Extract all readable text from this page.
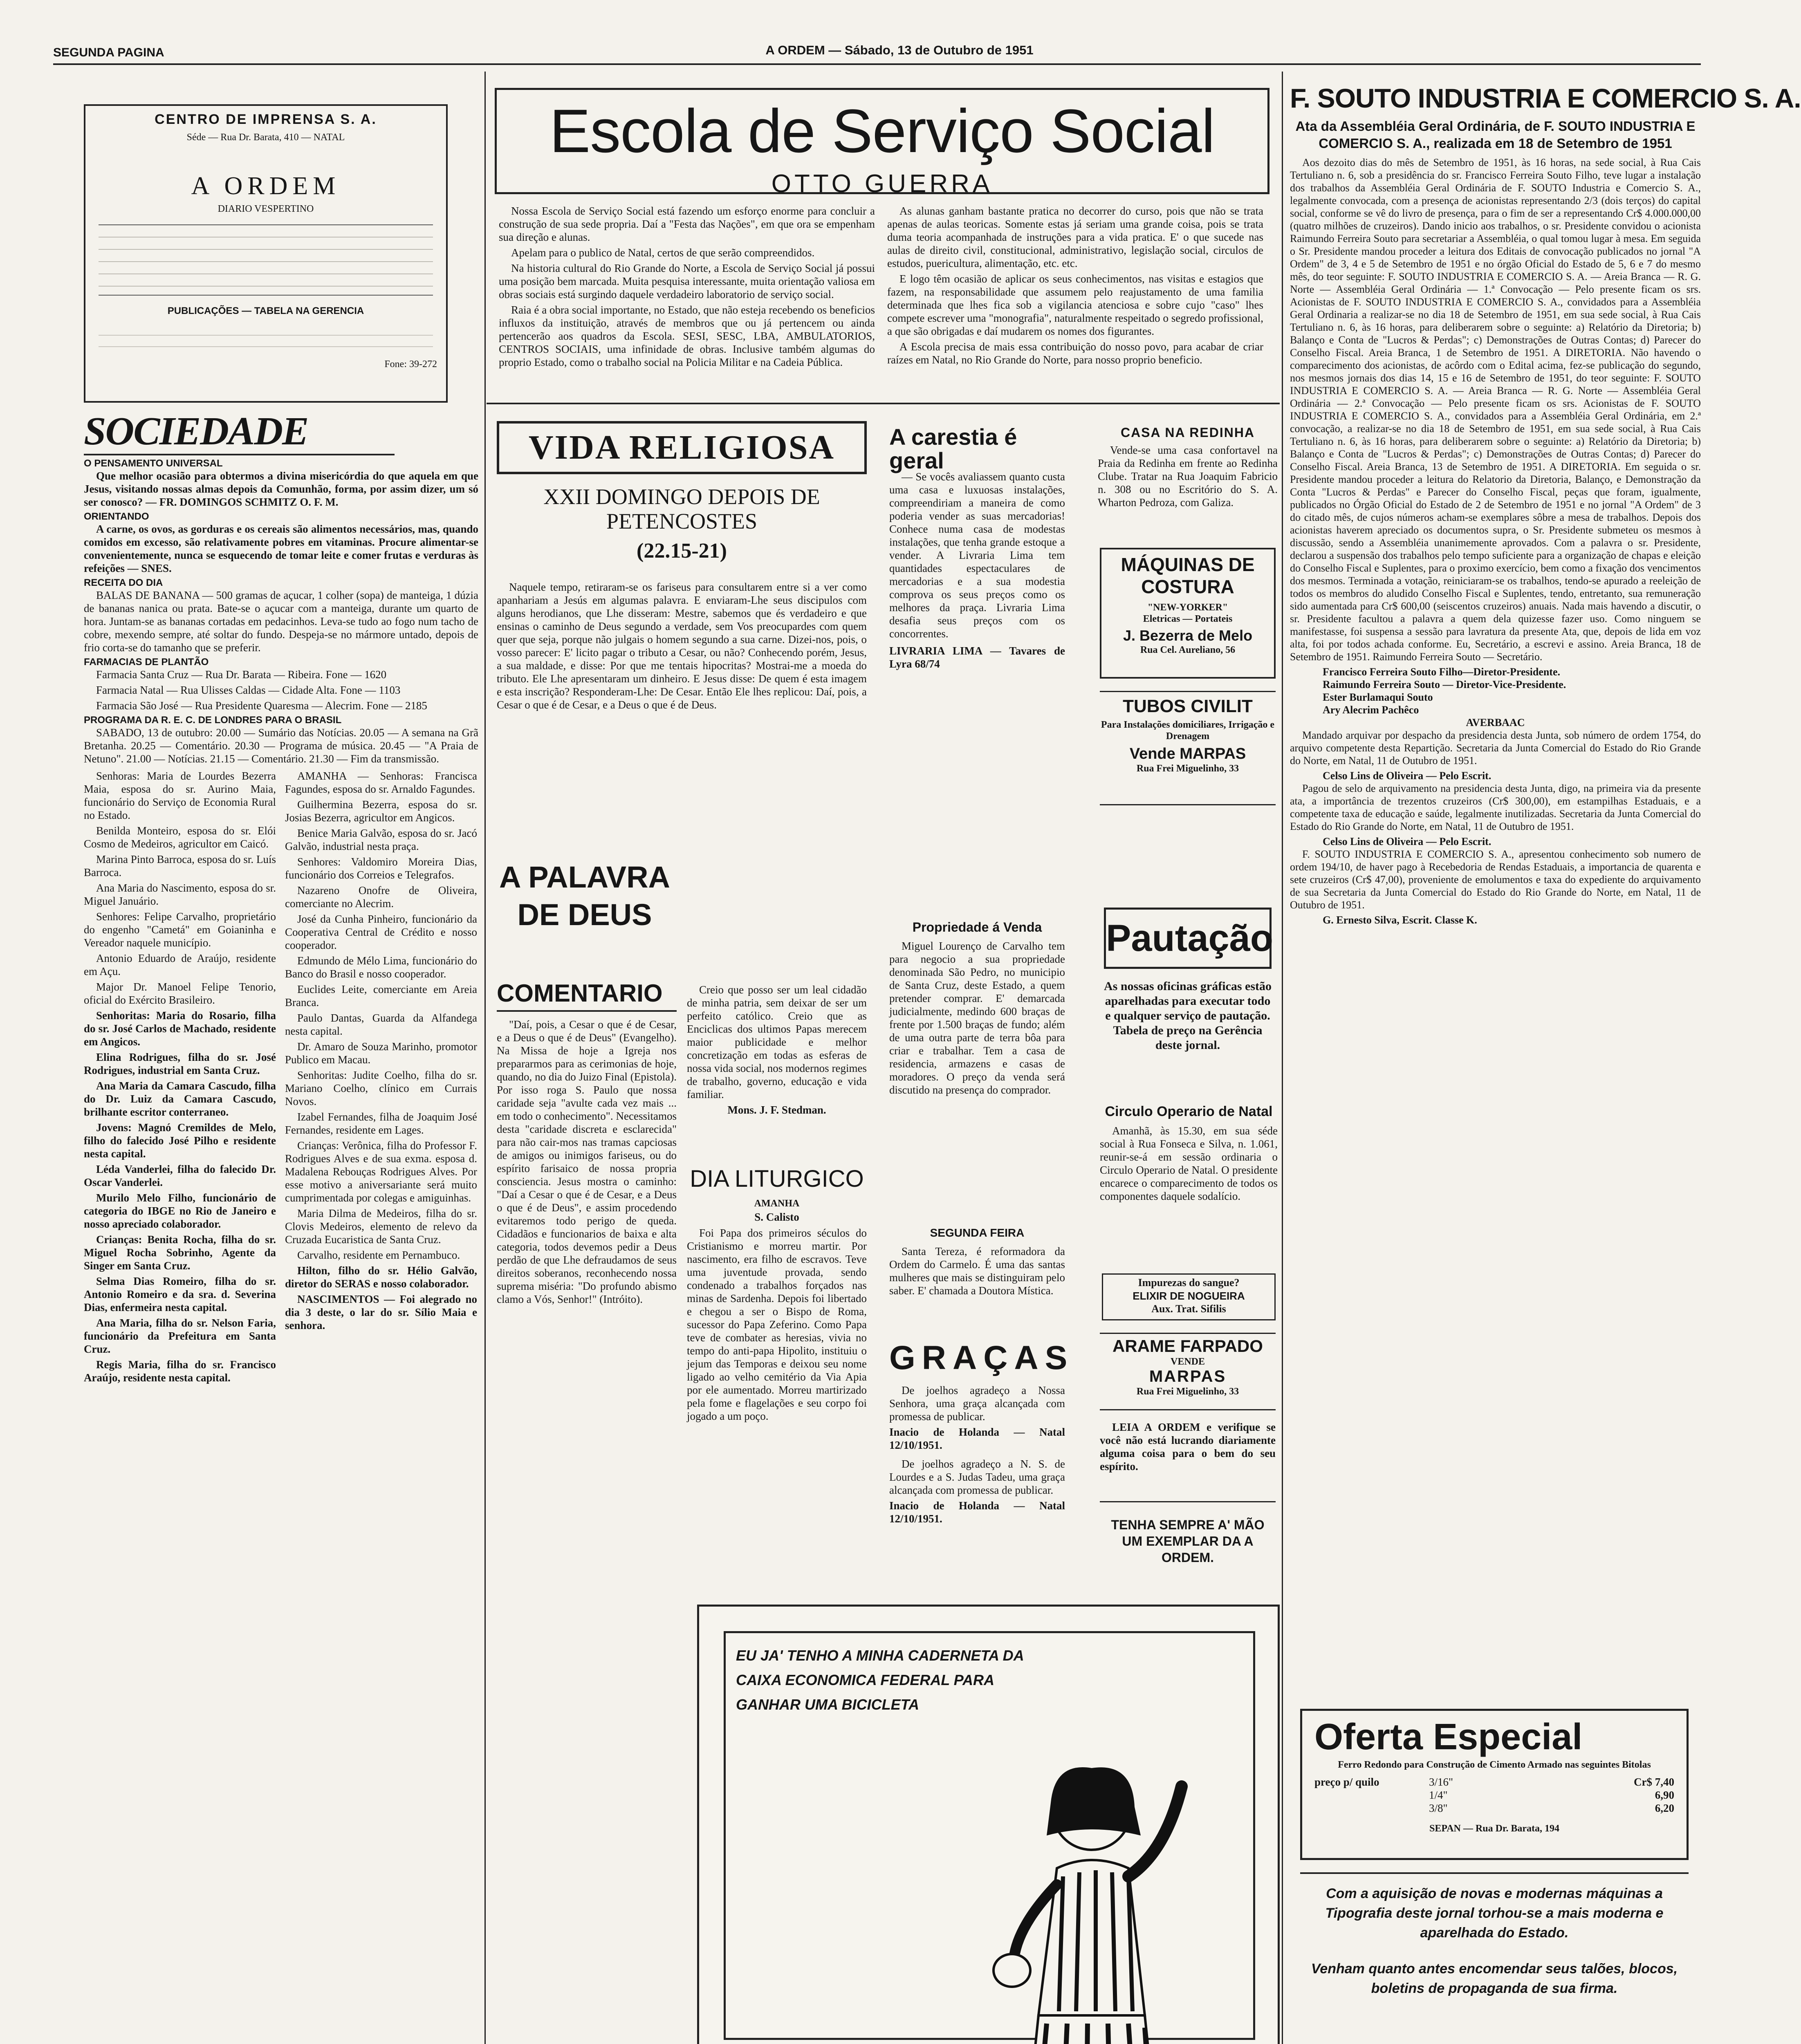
SEGUNDA PAGINA	A ORDEM — Sábado, 13 de Outubro de 1951
CENTRO DE IMPRENSA S. A.
Séde — Rua Dr. Barata, 410 — NATAL
A ORDEM
DIARIO VESPERTINO
PUBLICAÇÕES — TABELA NA GERENCIA
Fone: 39-272
SOCIEDADE
O PENSAMENTO UNIVERSAL

Que melhor ocasião para obtermos a divina misericórdia do que aquela em que Jesus, visitando nossas almas depois da Comunhão, forma, por assim dizer, um só ser conosco? — FR. DOMINGOS SCHMITZ O. F. M.

ORIENTANDO

A carne, os ovos, as gorduras e os cereais são alimentos necessários, mas, quando comidos em excesso, são relativamente pobres em vitaminas. Procure alimentar-se convenientemente, nunca se esquecendo de tomar leite e comer frutas e verduras às refeições — SNES.

RECEITA DO DIA

BALAS DE BANANA — 500 gramas de açucar, 1 colher (sopa) de manteiga, 1 dúzia de bananas nanica ou prata. Bate-se o açucar com a manteiga, durante um quarto de hora. Juntam-se as bananas cortadas em pedacinhos. Leva-se tudo ao fogo num tacho de cobre, mexendo sempre, até soltar do fundo. Despeja-se no mármore untado, depois de frio corta-se do tamanho que se preferir.

FARMACIAS DE PLANTÃO

Farmacia Santa Cruz — Rua Dr. Barata — Ribeira. Fone — 1620

Farmacia Natal — Rua Ulisses Caldas — Cidade Alta. Fone — 1103

Farmacia São José — Rua Presidente Quaresma — Alecrim. Fone — 2185

PROGRAMA DA R. E. C. DE LONDRES PARA O BRASIL

SABADO, 13 de outubro: 20.00 — Sumário das Notícias. 20.05 — A semana na Grã Bretanha. 20.25 — Comentário. 20.30 — Programa de música. 20.45 — "A Praia de Netuno". 21.00 — Notícias. 21.15 — Comentário. 21.30 — Fim da transmissão.

Senhoras: Maria de Lourdes Bezerra Maia, esposa do sr. Aurino Maia, funcionário do Serviço de Economia Rural no Estado.

Benilda Monteiro, esposa do sr. Elói Cosmo de Medeiros, agricultor em Caicó.

Marina Pinto Barroca, esposa do sr. Luís Barroca.

Ana Maria do Nascimento, esposa do sr. Miguel Januário.

Senhores: Felipe Carvalho, proprietário do engenho "Cametá" em Goianinha e Vereador naquele município.

Antonio Eduardo de Araújo, residente em Açu.

Major Dr. Manoel Felipe Tenorio, oficial do Exército Brasileiro.

Senhoritas: Maria do Rosario, filha do sr. José Carlos de Machado, residente em Angicos.

Elina Rodrigues, filha do sr. José Rodrigues, industrial em Santa Cruz.

Ana Maria da Camara Cascudo, filha do Dr. Luiz da Camara Cascudo, brilhante escritor conterraneo.

Jovens: Magnó Cremildes de Melo, filho do falecido José Pilho e residente nesta capital.

Léda Vanderlei, filha do falecido Dr. Oscar Vanderlei.

Murilo Melo Filho, funcionário de categoria do IBGE no Rio de Janeiro e nosso apreciado colaborador.

Crianças: Benita Rocha, filha do sr. Miguel Rocha Sobrinho, Agente da Singer em Santa Cruz.

Selma Dias Romeiro, filha do sr. Antonio Romeiro e da sra. d. Severina Dias, enfermeira nesta capital.

Ana Maria, filha do sr. Nelson Faria, funcionário da Prefeitura em Santa Cruz.

Regis Maria, filha do sr. Francisco Araújo, residente nesta capital.

AMANHA — Senhoras: Francisca Fagundes, esposa do sr. Arnaldo Fagundes.

Guilhermina Bezerra, esposa do sr. Josias Bezerra, agricultor em Angicos.

Benice Maria Galvão, esposa do sr. Jacó Galvão, industrial nesta praça.

Senhores: Valdomiro Moreira Dias, funcionário dos Correios e Telegrafos.

Nazareno Onofre de Oliveira, comerciante no Alecrim.

José da Cunha Pinheiro, funcionário da Cooperativa Central de Crédito e nosso cooperador.

Edmundo de Mélo Lima, funcionário do Banco do Brasil e nosso cooperador.

Euclides Leite, comerciante em Areia Branca.

Paulo Dantas, Guarda da Alfandega nesta capital.

Dr. Amaro de Souza Marinho, promotor Publico em Macau.

Senhoritas: Judite Coelho, filha do sr. Mariano Coelho, clínico em Currais Novos.

Izabel Fernandes, filha de Joaquim José Fernandes, residente em Lages.

Crianças: Verônica, filha do Professor F. Rodrigues Alves e de sua exma. esposa d. Madalena Rebouças Rodrigues Alves. Por esse motivo a aniversariante será muito cumprimentada por colegas e amiguinhas.

Maria Dilma de Medeiros, filha do sr. Clovis Medeiros, elemento de relevo da Cruzada Eucaristica de Santa Cruz.

Carvalho, residente em Pernambuco.

Hilton, filho do sr. Hélio Galvão, diretor do SERAS e nosso colaborador.

NASCIMENTOS — Foi alegrado no dia 3 deste, o lar do sr. Sílio Maia e senhora.

Escola de Serviço Social
OTTO GUERRA

Nossa Escola de Serviço Social está fazendo um esforço enorme para concluir a construção de sua sede propria. Daí a "Festa das Nações", em que ora se empenham sua direção e alunas.

Apelam para o publico de Natal, certos de que serão compreendidos.

Na historia cultural do Rio Grande do Norte, a Escola de Serviço Social já possui uma posição bem marcada. Muita pesquisa interessante, muita orientação valiosa em obras sociais está surgindo daquele verdadeiro laboratorio de serviço social.

Raia é a obra social importante, no Estado, que não esteja recebendo os beneficios influxos da instituição, através de membros que ou já pertencem ou ainda pertencerão aos quadros da Escola. SESI, SESC, LBA, AMBULATORIOS, CENTROS SOCIAIS, uma infinidade de obras. Inclusive também algumas do proprio Estado, como o trabalho social na Policia Militar e na Cadeia Pública.

As alunas ganham bastante pratica no decorrer do curso, pois que não se trata apenas de aulas teoricas. Somente estas já seriam uma grande coisa, pois se trata duma teoria acompanhada de instruções para a vida pratica. E' o que sucede nas aulas de direito civil, constitucional, administrativo, legislação social, circulos de estudos, puericultura, alimentação, etc. etc.

E logo têm ocasião de aplicar os seus conhecimentos, nas visitas e estagios que fazem, na responsabilidade que assumem pelo reajustamento de uma familia determinada que lhes fica sob a vigilancia atenciosa e sobre cujo "caso" lhes compete escrever uma "monografia", naturalmente respeitado o segredo profissional, a que são obrigadas e daí mudarem os nomes dos figurantes.

A Escola precisa de mais essa contribuição do nosso povo, para acabar de criar raízes em Natal, no Rio Grande do Norte, para nosso proprio beneficio.

VIDA RELIGIOSA
XXII DOMINGO DEPOIS DE PETENCOSTES
(22.15-21)

Naquele tempo, retiraram-se os fariseus para consultarem entre si a ver como apanhariam a Jesús em algumas palavra. E enviaram-Lhe seus discipulos com alguns herodianos, que Lhe disseram: Mestre, sabemos que és verdadeiro e que ensinas o caminho de Deus segundo a verdade, sem Vos preocupardes com quem quer que seja, porque não julgais o homem segundo a sua carne. Dizei-nos, pois, o vosso parecer: E' licito pagar o tributo a Cesar, ou não? Conhecendo porém, Jesus, a sua maldade, e disse: Por que me tentais hipocritas? Mostrai-me a moeda do tributo. Ele Lhe apresentaram um dinheiro. E Jesus disse: De quem é esta imagem e esta inscrição? Responderam-Lhe: De Cesar. Então Ele lhes replicou: Daí, pois, a Cesar o que é de Cesar, e a Deus o que é de Deus.

A PALAVRA DE DEUS
COMENTARIO

"Daí, pois, a Cesar o que é de Cesar, e a Deus o que é de Deus" (Evangelho). Na Missa de hoje a Igreja nos prepararmos para as cerimonias de hoje, quando, no dia do Juizo Final (Epistola). Por isso roga S. Paulo que nossa caridade seja "avulte cada vez mais ... em todo o conhecimento". Necessitamos desta "caridade discreta e esclarecida" para não cair-mos nas tramas capciosas de amigos ou inimigos fariseus, ou do espírito farisaico de nossa propria consciencia. Jesus mostra o caminho: "Daí a Cesar o que é de Cesar, e a Deus o que é de Deus", e assim procedendo evitaremos todo perigo de queda. Cidadãos e funcionarios de baixa e alta categoria, todos devemos pedir a Deus perdão de que Lhe defraudamos de seus direitos soberanos, reconhecendo nossa suprema miséria: "Do profundo abismo clamo a Vós, Senhor!" (Intróito).

Creio que posso ser um leal cidadão de minha patria, sem deixar de ser um perfeito católico. Creio que as Enciclicas dos ultimos Papas merecem maior publicidade e melhor concretização em todas as esferas de nossa vida social, nos modernos regimes de trabalho, governo, educação e vida familiar.

Mons. J. F. Stedman.
DIA LITURGICO
AMANHA
S. Calisto

Foi Papa dos primeiros séculos do Cristianismo e morreu martir. Por nascimento, era filho de escravos. Teve uma juventude provada, sendo condenado a trabalhos forçados nas minas de Sardenha. Depois foi libertado e chegou a ser o Bispo de Roma, sucessor do Papa Zeferino. Como Papa teve de combater as heresias, vivia no tempo do anti-papa Hipolito, instituiu o jejum das Temporas e deixou seu nome ligado ao velho cemitério da Via Apia por ele aumentado. Morreu martirizado pela fome e flagelações e seu corpo foi jogado a um poço.

A carestia é geral

— Se vocês avaliassem quanto custa uma casa e luxuosas instalações, compreendiriam a maneira de como poderia vender as suas mercadorias! Conhece numa casa de modestas instalações, que tenha grande estoque a vender. A Livraria Lima tem quantidades espectaculares de mercadorias e a sua modestia comprova os seus preços como os melhores da praça. Livraria Lima desafia seus preços com os concorrentes.

LIVRARIA LIMA — Tavares de Lyra 68/74
Propriedade á Venda

Miguel Lourenço de Carvalho tem para negocio a sua propriedade denominada São Pedro, no municipio de Santa Cruz, deste Estado, a quem pretender comprar. E' demarcada judicialmente, medindo 600 braças de frente por 1.500 braças de fundo; além de uma outra parte de terra bôa para criar e trabalhar. Tem a casa de residencia, armazens e casas de moradores. O preço da venda será discutido na presença do comprador.

SEGUNDA FEIRA

Santa Tereza, é reformadora da Ordem do Carmelo. É uma das santas mulheres que mais se distinguiram pelo saber. E' chamada a Doutora Mística.

GRAÇAS

De joelhos agradeço a Nossa Senhora, uma graça alcançada com promessa de publicar.

Inacio de Holanda — Natal 12/10/1951.

De joelhos agradeço a N. S. de Lourdes e a S. Judas Tadeu, uma graça alcançada com promessa de publicar.

Inacio de Holanda — Natal 12/10/1951.
CASA NA REDINHA

Vende-se uma casa confortavel na Praia da Redinha em frente ao Redinha Clube. Tratar na Rua Joaquim Fabricio n. 308 ou no Escritório do S. A. Wharton Pedroza, com Galiza.

MÁQUINAS DE COSTURA
"NEW-YORKER"
Eletricas — Portateis
J. Bezerra de Melo
Rua Cel. Aureliano, 56
TUBOS CIVILIT
Para Instalações domiciliares, Irrigação e Drenagem
Vende MARPAS
Rua Frei Miguelinho, 33
Pautação
As nossas oficinas gráficas estão aparelhadas para executar todo e qualquer serviço de pautação. Tabela de preço na Gerência deste jornal.
Circulo Operario de Natal

Amanhã, às 15.30, em sua séde social à Rua Fonseca e Silva, n. 1.061, reunir-se-á em sessão ordinaria o Circulo Operario de Natal. O presidente encarece o comparecimento de todos os componentes daquele sodalício.

Impurezas do sangue?
ELIXIR DE NOGUEIRA
Aux. Trat. Sifilis
ARAME FARPADO
VENDE
MARPAS
Rua Frei Miguelinho, 33

LEIA A ORDEM e verifique se você não está lucrando diariamente alguma coisa para o bem do seu espírito.

TENHA SEMPRE A' MÃO UM EXEMPLAR DA A ORDEM.
EU JA' TENHO A MINHA CADERNETA DA CAIXA ECONOMICA FEDERAL PARA GANHAR UMA BICICLETA
F. SOUTO INDUSTRIA E COMERCIO S. A.
Ata da Assembléia Geral Ordinária, de F. SOUTO INDUSTRIA E COMERCIO S. A., realizada em 18 de Setembro de 1951

Aos dezoito dias do mês de Setembro de 1951, às 16 horas, na sede social, à Rua Cais Tertuliano n. 6, sob a presidência do sr. Francisco Ferreira Souto Filho, teve lugar a instalação dos trabalhos da Assembléia Geral Ordinária de F. SOUTO Industria e Comercio S. A., legalmente convocada, com a presença de acionistas representando 2/3 (dois terços) do capital social, conforme se vê do livro de presença, para o fim de ser a representando Cr$ 4.000.000,00 (quatro milhões de cruzeiros). Dando inicio aos trabalhos, o sr. Presidente convidou o acionista Raimundo Ferreira Souto para secretariar a Assembléia, o qual tomou lugar à mesa. Em seguida o Sr. Presidente mandou proceder a leitura dos Editais de convocação publicados no jornal "A Ordem" de 3, 4 e 5 de Setembro de 1951 e no órgão Oficial do Estado de 5, 6 e 7 do mesmo mês, do teor seguinte: F. SOUTO INDUSTRIA E COMERCIO S. A. — Areia Branca — R. G. Norte — Assembléia Geral Ordinária — 1.ª Convocação — Pelo presente ficam os srs. Acionistas de F. SOUTO INDUSTRIA E COMERCIO S. A., convidados para a Assembléia Geral Ordinaria a realizar-se no dia 18 de Setembro de 1951, em sua sede social, à Rua Cais Tertuliano n. 6, às 16 horas, para deliberarem sobre o seguinte: a) Relatório da Diretoria; b) Balanço e Conta de "Lucros & Perdas"; c) Demonstrações de Outras Contas; d) Parecer do Conselho Fiscal. Areia Branca, 1 de Setembro de 1951. A DIRETORIA. Não havendo o comparecimento dos acionistas, de acôrdo com o Edital acima, fez-se publicação do segundo, nos mesmos jornais dos dias 14, 15 e 16 de Setembro de 1951, do teor seguinte: F. SOUTO INDUSTRIA E COMERCIO S. A. — Areia Branca — R. G. Norte — Assembléia Geral Ordinária — 2.ª Convocação — Pelo presente ficam os srs. Acionistas de F. SOUTO INDUSTRIA E COMERCIO S. A., convidados para a Assembléia Geral Ordinária, em 2.ª convocação, a realizar-se no dia 18 de Setembro de 1951, em sua sede social, à Rua Cais Tertuliano n. 6, às 16 horas, para deliberarem sobre o seguinte: a) Relatório da Diretoria; b) Balanço e Conta de "Lucros & Perdas"; c) Demonstrações de Outras Contas; d) Parecer do Conselho Fiscal. Areia Branca, 13 de Setembro de 1951. A DIRETORIA. Em seguida o sr. Presidente mandou proceder a leitura do Relatorio da Diretoria, Balanço, e Demonstração da Conta "Lucros & Perdas" e Parecer do Conselho Fiscal, peças que foram, igualmente, publicados no Órgão Oficial do Estado de 2 de Setembro de 1951 e no jornal "A Ordem" de 3 do citado mês, de cujos números acham-se exemplares sôbre a mesa de trabalhos. Depois dos acionistas haverem apreciado os documentos supra, o Sr. Presidente submeteu os mesmos à discussão, sendo a Assembléia unanimemente aprovados. Com a palavra o sr. Presidente, declarou a suspensão dos trabalhos pelo tempo suficiente para a organização de chapas e eleição do Conselho Fiscal e Suplentes, para o proximo exercício, bem como a fixação dos vencimentos dos mesmos. Terminada a votação, reiniciaram-se os trabalhos, tendo-se apurado a reeleição de todos os membros do aludido Conselho Fiscal e Suplentes, tendo, entretanto, sua remuneração sido aumentada para Cr$ 600,00 (seiscentos cruzeiros) anuais. Nada mais havendo a discutir, o sr. Presidente facultou a palavra a quem dela quizesse fazer uso. Como ninguem se manifestasse, foi suspensa a sessão para lavratura da presente Ata, que, depois de lida em voz alta, foi por todos achada conforme. Eu, Secretário, a escrevi e assino. Areia Branca, 18 de Setembro de 1951. Raimundo Ferreira Souto — Secretário.

Francisco Ferreira Souto Filho—Diretor-Presidente.
Raimundo Ferreira Souto — Diretor-Vice-Presidente.
Ester Burlamaqui Souto
Ary Alecrim Pachêco
AVERBAAC

Mandado arquivar por despacho da presidencia desta Junta, sob número de ordem 1754, do arquivo competente desta Repartição. Secretaria da Junta Comercial do Estado do Rio Grande do Norte, em Natal, 11 de Outubro de 1951.

Celso Lins de Oliveira — Pelo Escrit.

Pagou de selo de arquivamento na presidencia desta Junta, digo, na primeira via da presente ata, a importância de trezentos cruzeiros (Cr$ 300,00), em estampilhas Estaduais, e a competente taxa de educação e saúde, legalmente inutilizadas. Secretaria da Junta Comercial do Estado do Rio Grande do Norte, em Natal, 11 de Outubro de 1951.

Celso Lins de Oliveira — Pelo Escrit.

F. SOUTO INDUSTRIA E COMERCIO S. A., apresentou conhecimento sob numero de ordem 194/10, de haver pago à Recebedoria de Rendas Estaduais, a importancia de quarenta e sete cruzeiros (Cr$ 47,00), proveniente de emolumentos e taxa do expediente do arquivamento de sua Secretaria da Junta Comercial do Estado do Rio Grande do Norte, em Natal, 11 de Outubro de 1951.

G. Ernesto Silva, Escrit. Classe K.
Oferta Especial
Ferro Redondo para Construção de Cimento Armado nas seguintes Bitolas
preço p/ quilo	3/16"	Cr$ 7,40
1/4"	6,90
3/8"	6,20
SEPAN — Rua Dr. Barata, 194
Com a aquisição de novas e modernas máquinas a Tipografia deste jornal torhou-se a mais moderna e aparelhada do Estado.
Venham quanto antes encomendar seus talões, blocos, boletins de propaganda de sua firma.
